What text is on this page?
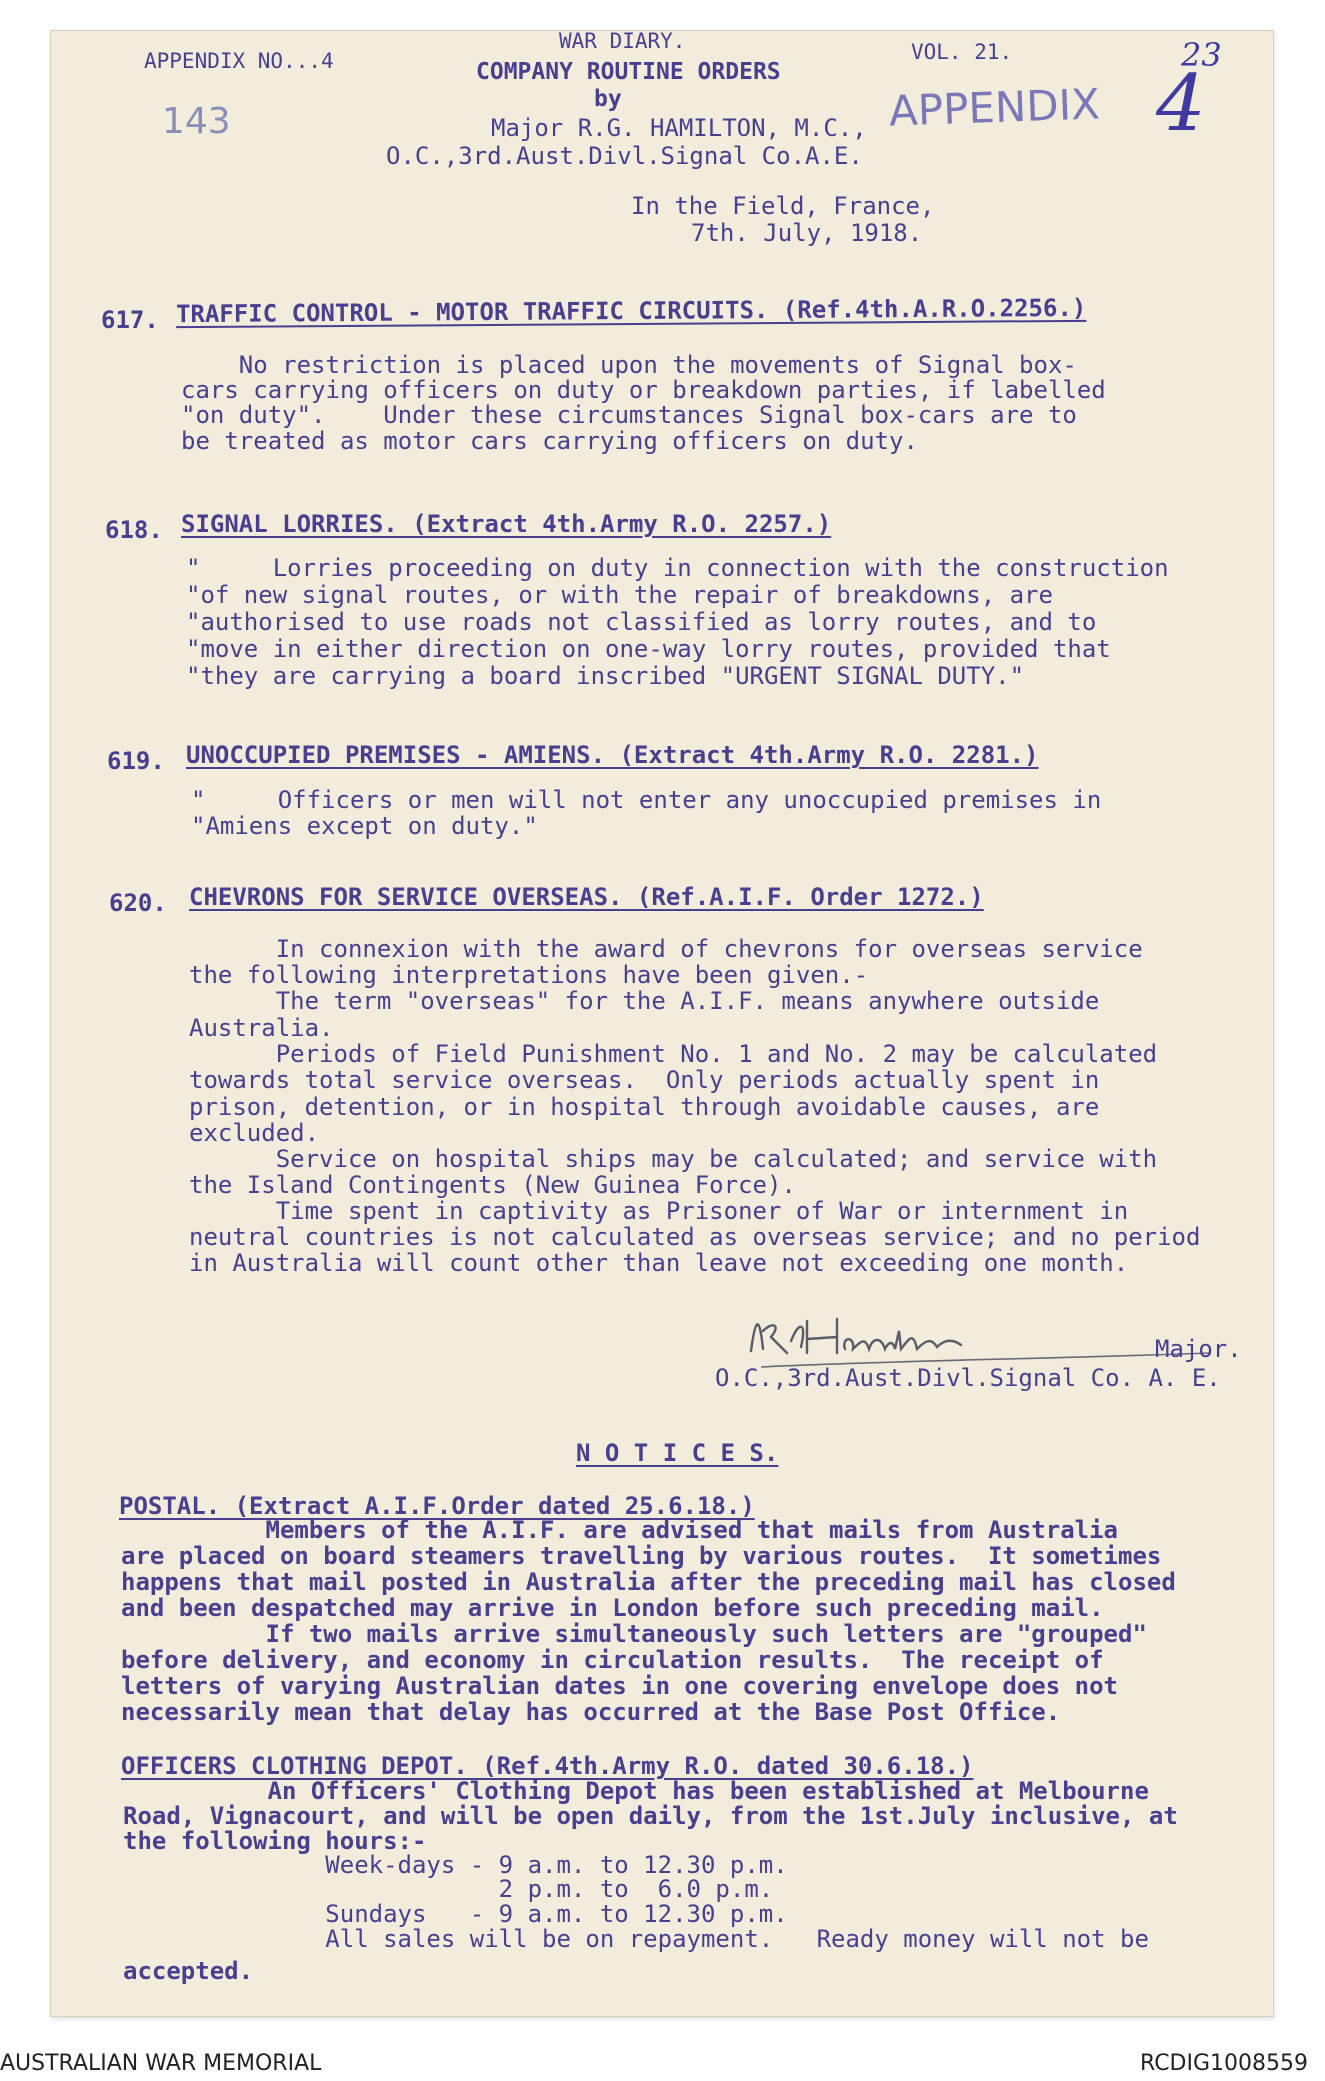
WAR DIARY.
APPENDIX NO...4	VOL. 21.	23
143	APPENDIX 4
COMPANY ROUTINE ORDERS
by
Major R.G. HAMILTON, M.C.,
O.C.,3rd.Aust.Divl.Signal Co.A.E.
In the Field, France,
7th. July, 1918.
617. TRAFFIC CONTROL - MOTOR TRAFFIC CIRCUITS. (Ref.4th.A.R.O.2256.)
No restriction is placed upon the movements of Signal box-
cars carrying officers on duty or breakdown parties, if labelled
"on duty".    Under these circumstances Signal box-cars are to
be treated as motor cars carrying officers on duty.
618. SIGNAL LORRIES. (Extract 4th.Army R.O. 2257.)
"     Lorries proceeding on duty in connection with the construction
"of new signal routes, or with the repair of breakdowns, are
"authorised to use roads not classified as lorry routes, and to
"move in either direction on one-way lorry routes, provided that
"they are carrying a board inscribed "URGENT SIGNAL DUTY."
619. UNOCCUPIED PREMISES - AMIENS. (Extract 4th.Army R.O. 2281.)
"     Officers or men will not enter any unoccupied premises in
"Amiens except on duty."
620. CHEVRONS FOR SERVICE OVERSEAS. (Ref.A.I.F. Order 1272.)
In connexion with the award of chevrons for overseas service
the following interpretations have been given.-
The term "overseas" for the A.I.F. means anywhere outside
Australia.
Periods of Field Punishment No. 1 and No. 2 may be calculated
towards total service overseas.  Only periods actually spent in
prison, detention, or in hospital through avoidable causes, are
excluded.
Service on hospital ships may be calculated; and service with
the Island Contingents (New Guinea Force).
Time spent in captivity as Prisoner of War or internment in
neutral countries is not calculated as overseas service; and no period
in Australia will count other than leave not exceeding one month.
Major.
O.C.,3rd.Aust.Divl.Signal Co. A. E.
N O T I C E S.
POSTAL. (Extract A.I.F.Order dated 25.6.18.)
Members of the A.I.F. are advised that mails from Australia
are placed on board steamers travelling by various routes.  It sometimes
happens that mail posted in Australia after the preceding mail has closed
and been despatched may arrive in London before such preceding mail.
If two mails arrive simultaneously such letters are "grouped"
before delivery, and economy in circulation results.  The receipt of
letters of varying Australian dates in one covering envelope does not
necessarily mean that delay has occurred at the Base Post Office.
OFFICERS CLOTHING DEPOT. (Ref.4th.Army R.O. dated 30.6.18.)
An Officers' Clothing Depot has been established at Melbourne
Road, Vignacourt, and will be open daily, from the 1st.July inclusive, at
the following hours:-
Week-days - 9 a.m. to 12.30 p.m.
2 p.m. to  6.0 p.m.
Sundays   - 9 a.m. to 12.30 p.m.
All sales will be on repayment.   Ready money will not be
accepted.
AUSTRALIAN WAR MEMORIAL	RCDIG1008559
